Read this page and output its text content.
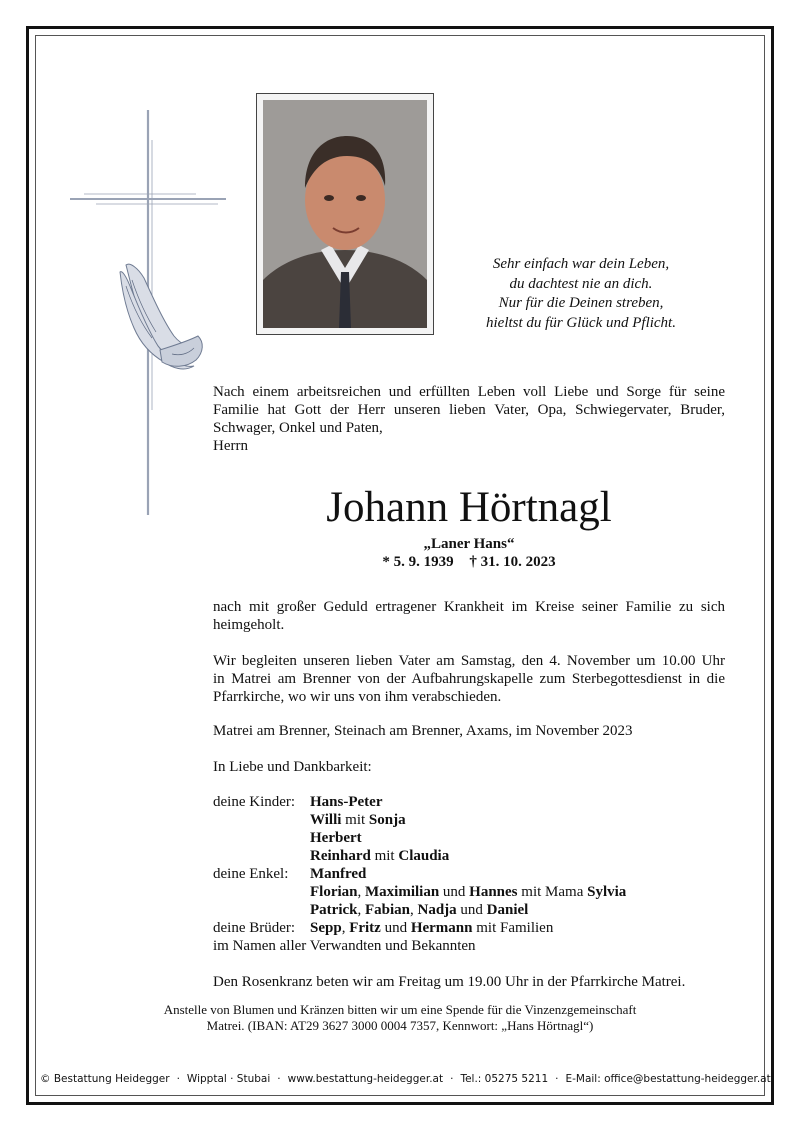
Sehr einfach war dein Leben,
du dachtest nie an dich.
Nur für die Deinen streben,
hieltst du für Glück und Pflicht.
Nach einem arbeitsreichen und erfüllten Leben voll Liebe und Sorge für seine
Familie hat Gott der Herr unseren lieben Vater, Opa, Schwiegervater, Bruder,
Schwager, Onkel und Paten,
Herrn
Johann Hörtnagl
„Laner Hans“
* 5. 9. 1939 † 31. 10. 2023
nach mit großer Geduld ertragener Krankheit im Kreise seiner Familie zu sich
heimgeholt.
Wir begleiten unseren lieben Vater am Samstag, den 4. November um 10.00 Uhr
in Matrei am Brenner von der Aufbahrungskapelle zum Sterbegottesdienst in die
Pfarrkirche, wo wir uns von ihm verabschieden.
Matrei am Brenner, Steinach am Brenner, Axams, im November 2023
In Liebe und Dankbarkeit:
deine Kinder: Hans-Peter
Willi mit Sonja
Herbert
Reinhard mit Claudia
deine Enkel:	Manfred
Florian, Maximilian und Hannes mit Mama Sylvia
Patrick, Fabian, Nadja und Daniel
deine Brüder: Sepp, Fritz und Hermann mit Familien
im Namen aller Verwandten und Bekannten
Den Rosenkranz beten wir am Freitag um 19.00 Uhr in der Pfarrkirche Matrei.
Anstelle von Blumen und Kränzen bitten wir um eine Spende für die Vinzenzgemeinschaft
Matrei. (IBAN: AT29 3627 3000 0004 7357, Kennwort: „Hans Hörtnagl“)
© Bestattung Heidegger · Wipptal · Stubai · www.bestattung-heidegger.at · Tel.: 05275 5211 · E-Mail: office@bestattung-heidegger.at
